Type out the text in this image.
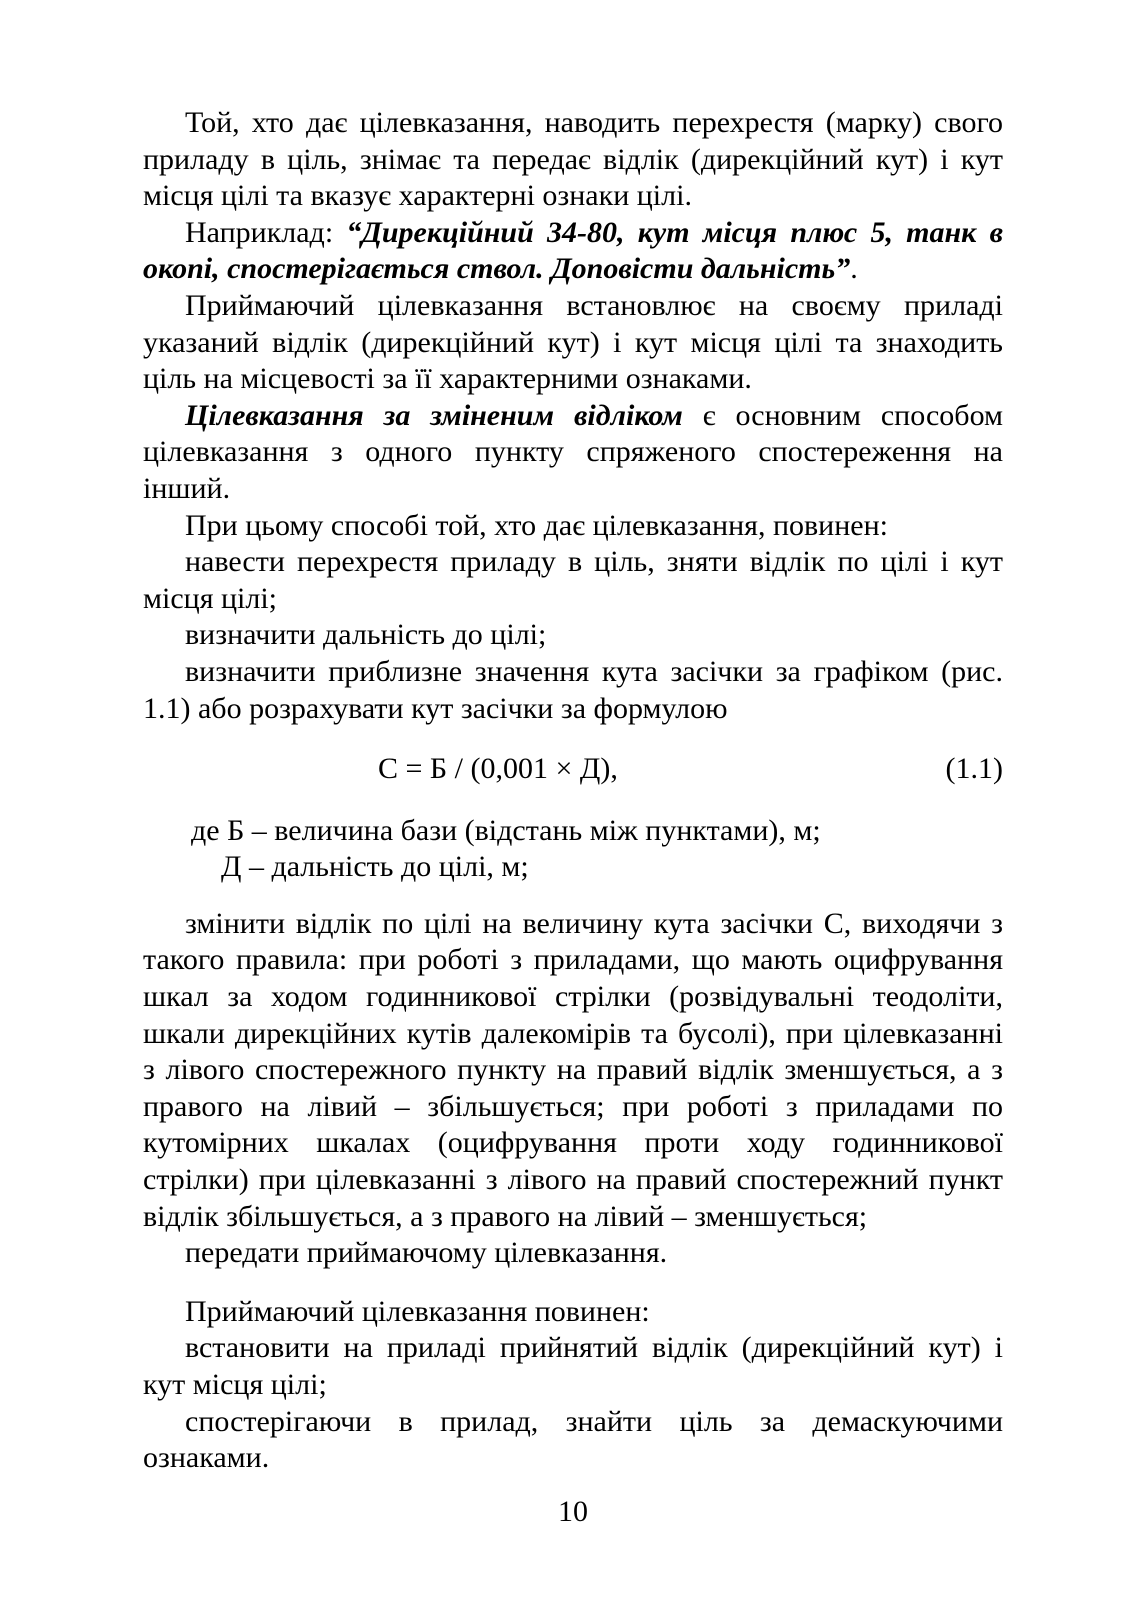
Той, хто дає цілевказання, наводить перехрестя (марку) свого приладу в ціль, знімає та передає відлік (дирекційний кут) і кут місця цілі та вказує характерні ознаки цілі.

Наприклад: “Дирекційний 34-80, кут місця плюс 5, танк в окопі, спостерігається ствол. Доповісти дальність”.

Приймаючий цілевказання встановлює на своєму приладі указаний відлік (дирекційний кут) і кут місця цілі та знаходить ціль на місцевості за її характерними ознаками.

Цілевказання за зміненим відліком є основним способом цілевказання з одного пункту спряженого спостереження на інший.

При цьому способі той, хто дає цілевказання, повинен:

навести перехрестя приладу в ціль, зняти відлік по цілі і кут місця цілі;

визначити дальність до цілі;

визначити приблизне значення кута засічки за графіком (рис. 1.1) або розрахувати кут засічки за формулою

С = Б / (0,001 × Д),	(1.1)

де Б – величина бази (відстань між пунктами), м;

Д – дальність до цілі, м;

змінити відлік по цілі на величину кута засічки С, виходячи з такого правила: при роботі з приладами, що мають оцифрування шкал за ходом годинникової стрілки (розвідувальні теодоліти, шкали дирекційних кутів далекомірів та бусолі), при цілевказанні з лівого спостережного пункту на правий відлік зменшується, а з правого на лівий – збільшується; при роботі з приладами по кутомірних шкалах (оцифрування проти ходу годинникової стрілки) при цілевказанні з лівого на правий спостережний пункт відлік збільшується, а з правого на лівий – зменшується;

передати приймаючому цілевказання.

Приймаючий цілевказання повинен:

встановити на приладі прийнятий відлік (дирекційний кут) і кут місця цілі;

спостерігаючи в прилад, знайти ціль за демаскуючими ознаками.

10
